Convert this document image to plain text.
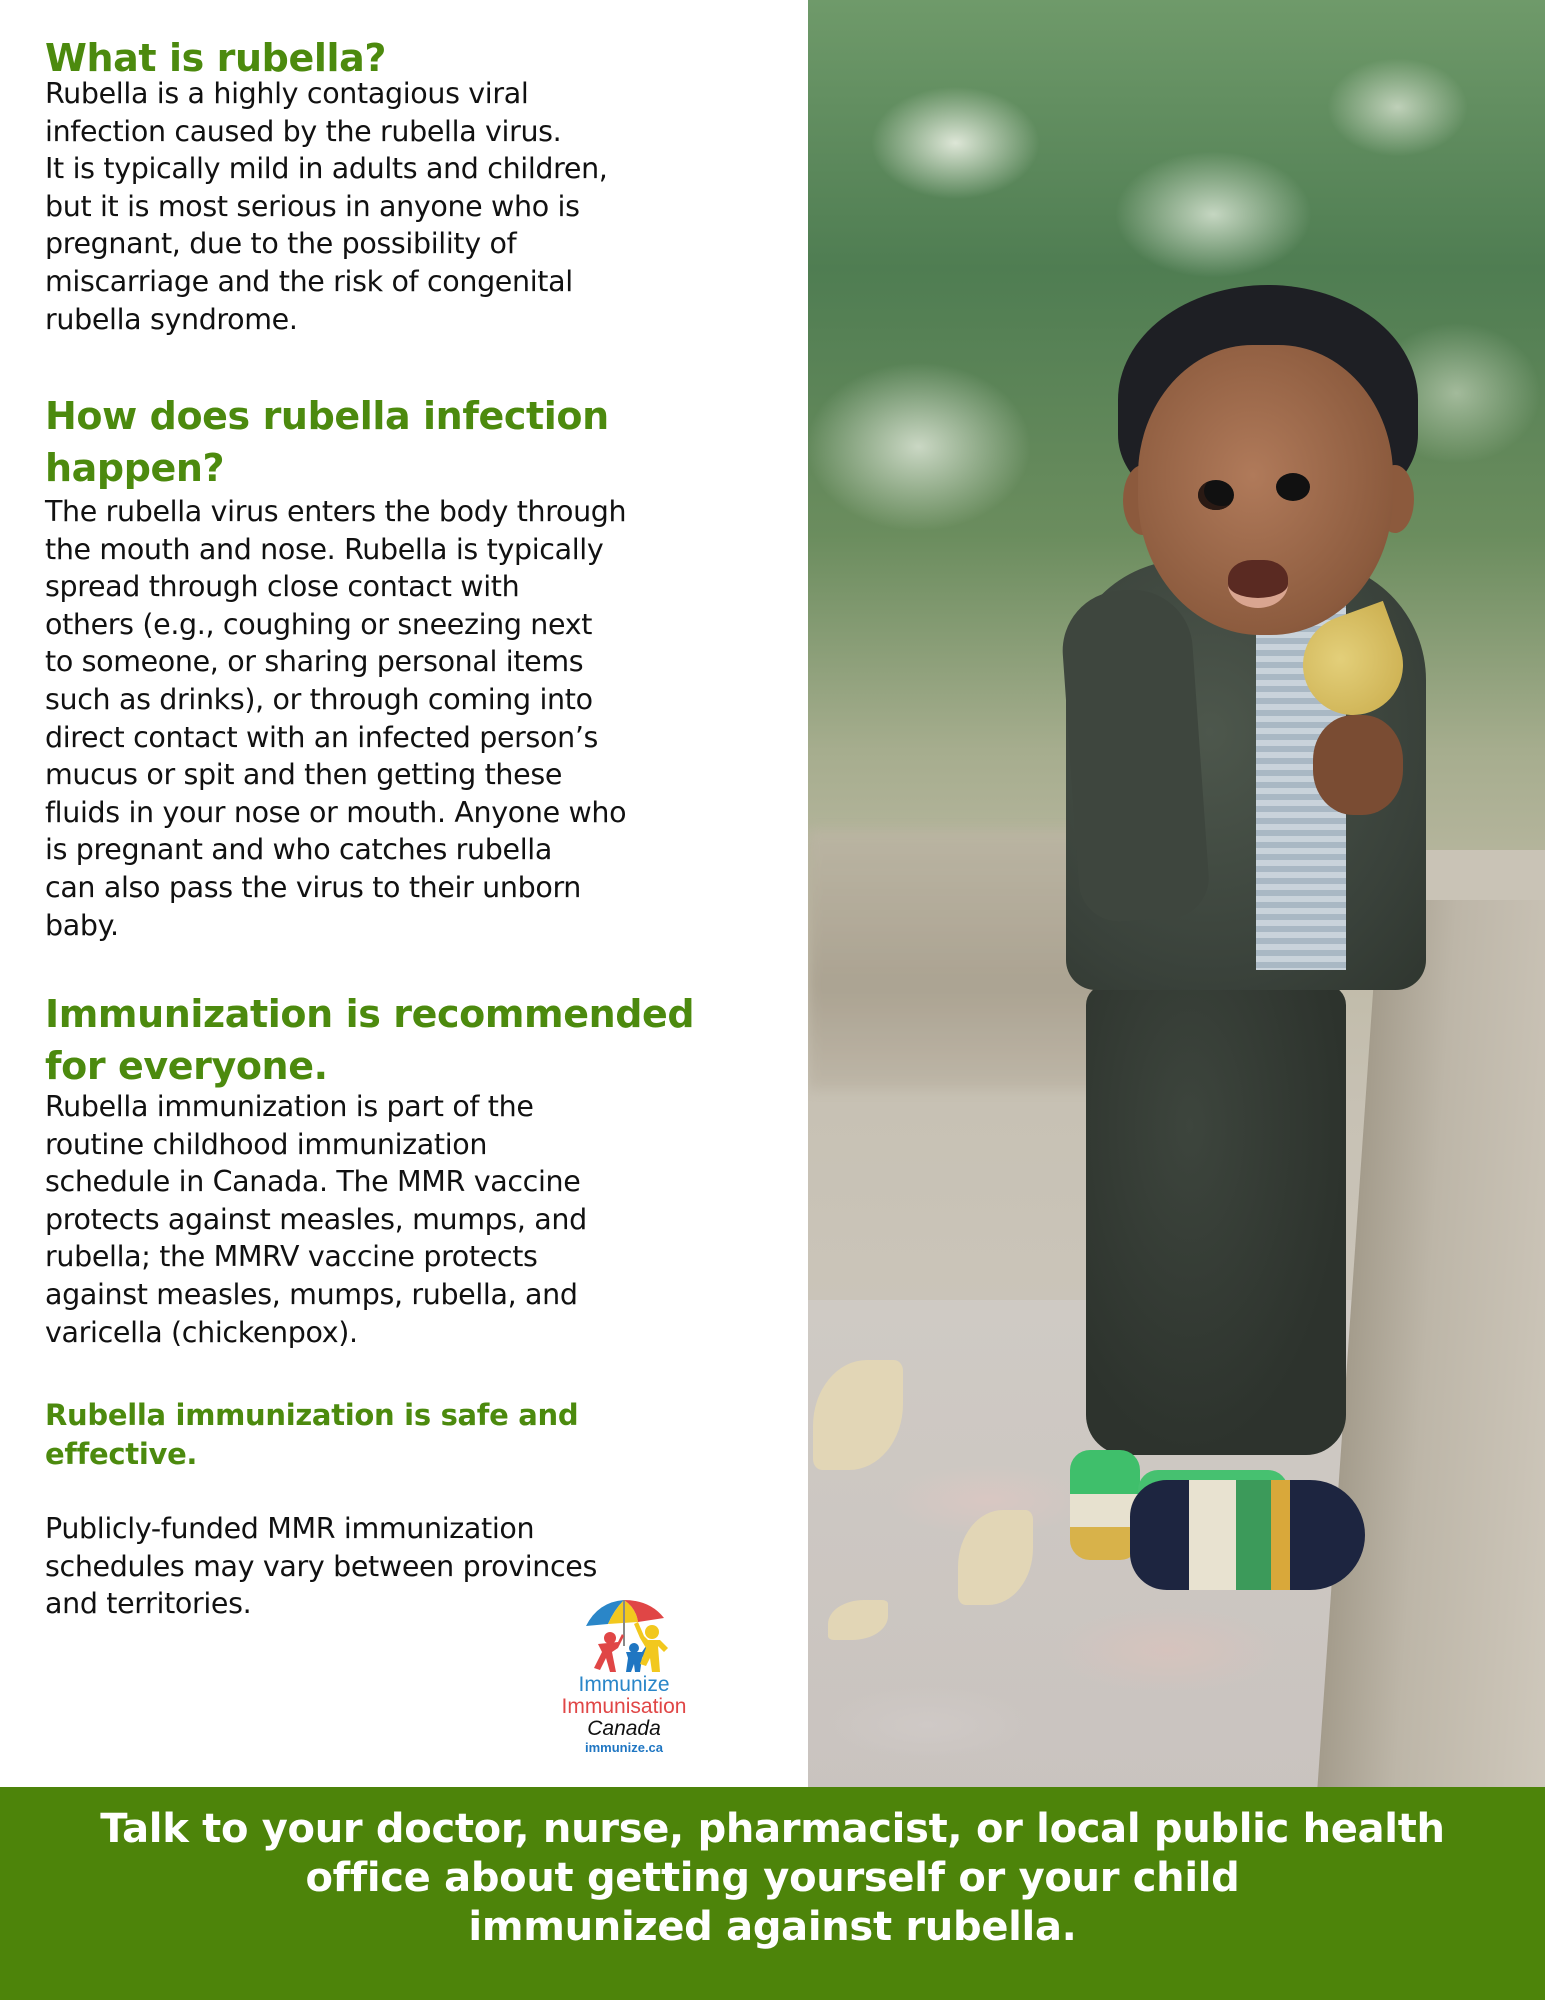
What is rubella?

Rubella is a highly contagious viral
infection caused by the rubella virus.
It is typically mild in adults and children,
but it is most serious in anyone who is
pregnant, due to the possibility of
miscarriage and the risk of congenital
rubella syndrome.

How does rubella infection
happen?

The rubella virus enters the body through
the mouth and nose. Rubella is typically
spread through close contact with
others (e.g., coughing or sneezing next
to someone, or sharing personal items
such as drinks), or through coming into
direct contact with an infected person’s
mucus or spit and then getting these
fluids in your nose or mouth. Anyone who
is pregnant and who catches rubella
can also pass the virus to their unborn
baby.

Immunization is recommended
for everyone.

Rubella immunization is part of the
routine childhood immunization
schedule in Canada. The MMR vaccine
protects against measles, mumps, and
rubella; the MMRV vaccine protects
against measles, mumps, rubella, and
varicella (chickenpox).

Rubella immunization is safe and
effective.

Publicly-funded MMR immunization
schedules may vary between provinces
and territories.

Immunize
Immunisation
Canada
immunize.ca

Talk to your doctor, nurse, pharmacist, or local public health
office about getting yourself or your child
immunized against rubella.
